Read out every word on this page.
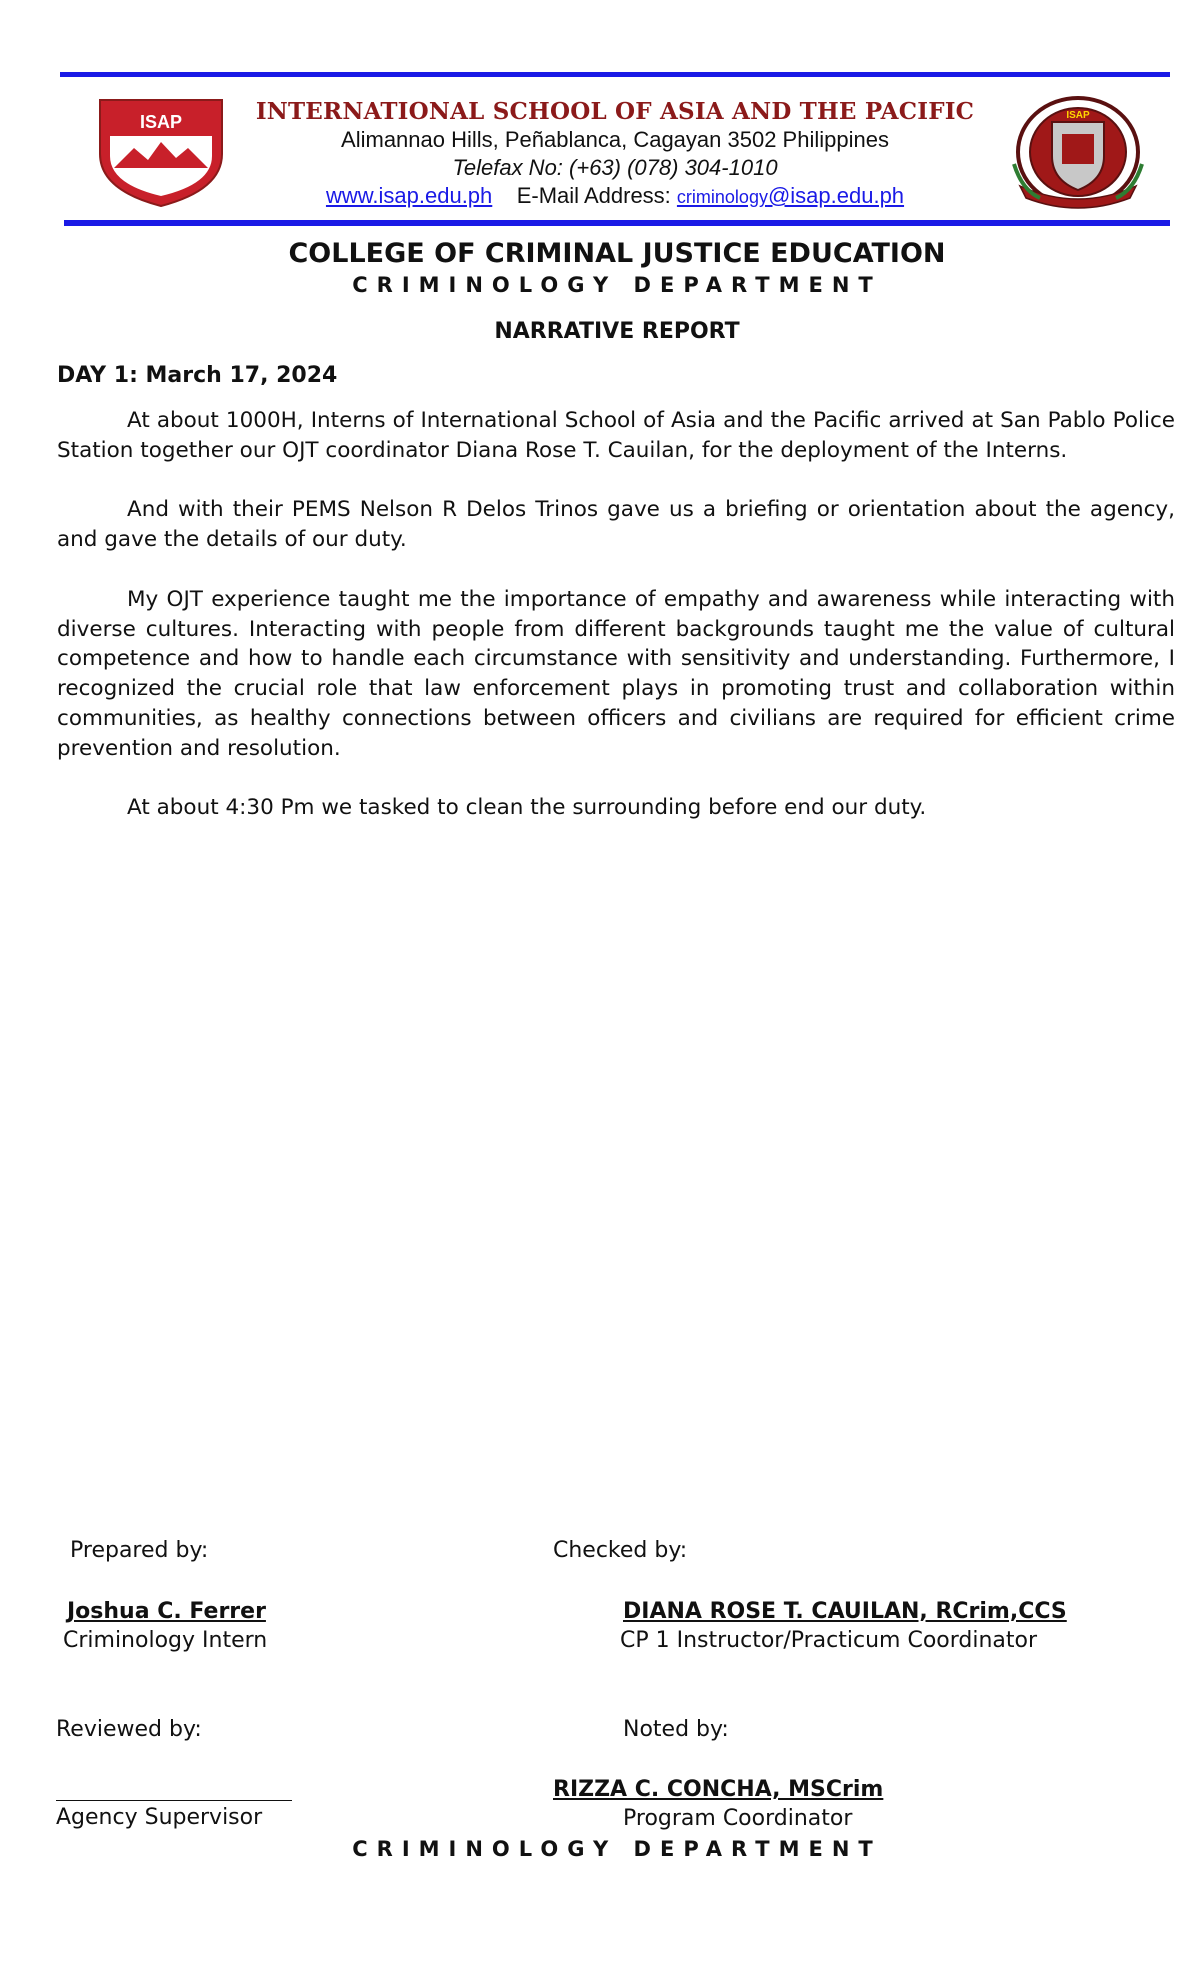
ISAP	INTERNATIONAL SCHOOL OF ASIA AND THE PACIFIC
Alimannao Hills, Peñablanca, Cagayan 3502 Philippines
Telefax No: (+63) (078) 304-1010
www.isap.edu.ph E-Mail Address: criminology@isap.edu.ph
ISAP
COLLEGE OF CRIMINAL JUSTICE EDUCATION
CRIMINOLOGY DEPARTMENT
NARRATIVE REPORT
DAY 1: March 17, 2024

At about 1000H, Interns of International School of Asia and the Pacific arrived at San Pablo Police Station together our OJT coordinator Diana Rose T. Cauilan, for the deployment of the Interns.

And with their PEMS Nelson R Delos Trinos gave us a briefing or orientation about the agency, and gave the details of our duty.

My OJT experience taught me the importance of empathy and awareness while interacting with diverse cultures. Interacting with people from different backgrounds taught me the value of cultural competence and how to handle each circumstance with sensitivity and understanding. Furthermore, I recognized the crucial role that law enforcement plays in promoting trust and collaboration within communities, as healthy connections between officers and civilians are required for efficient crime prevention and resolution.

At about 4:30 Pm we tasked to clean the surrounding before end our duty.

Prepared by:
Joshua C. Ferrer
Criminology Intern
Checked by:
DIANA ROSE T. CAUILAN, RCrim,CCS
CP 1 Instructor/Practicum Coordinator
Reviewed by:
Agency Supervisor
Noted by:
RIZZA C. CONCHA, MSCrim
Program Coordinator
CRIMINOLOGY DEPARTMENT
